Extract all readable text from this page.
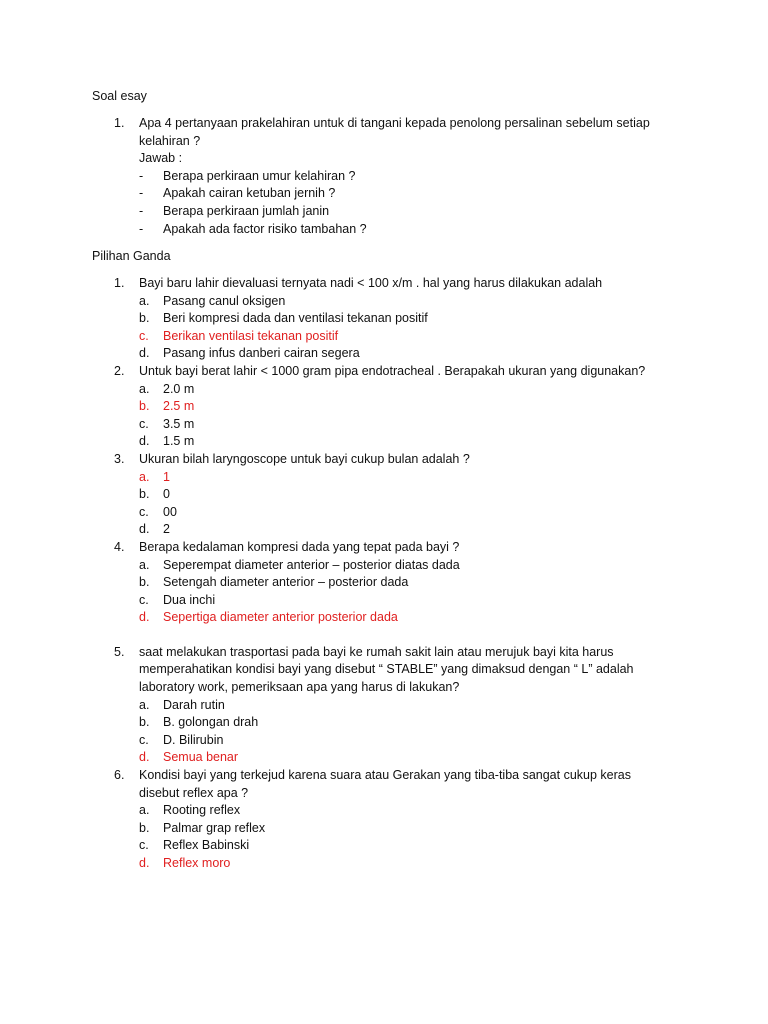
Soal esay
1. Apa 4 pertanyaan prakelahiran untuk di tangani kepada penolong persalinan sebelum setiap kelahiran ?
Jawab :
- Berapa perkiraan umur kelahiran ?
- Apakah cairan ketuban jernih ?
- Berapa perkiraan jumlah janin
- Apakah ada factor risiko tambahan ?
Pilihan Ganda
1. Bayi baru lahir dievaluasi ternyata nadi < 100 x/m . hal yang harus dilakukan adalah
a. Pasang canul oksigen
b. Beri kompresi dada dan ventilasi tekanan positif
c. Berikan ventilasi tekanan positif
d. Pasang infus danberi cairan segera
2. Untuk bayi berat lahir < 1000 gram pipa endotracheal . Berapakah ukuran yang digunakan?
a. 2.0 m
b. 2.5 m
c. 3.5 m
d. 1.5 m
3. Ukuran bilah laryngoscope untuk bayi cukup bulan adalah ?
a. 1
b. 0
c. 00
d. 2
4. Berapa kedalaman kompresi dada yang tepat pada bayi ?
a. Seperempat diameter anterior – posterior diatas dada
b. Setengah diameter anterior – posterior dada
c. Dua inchi
d. Sepertiga diameter anterior posterior dada
5. saat melakukan trasportasi pada bayi ke rumah sakit lain atau merujuk bayi kita harus memperahatikan kondisi bayi yang disebut “ STABLE” yang dimaksud dengan “ L” adalah laboratory work, pemeriksaan apa yang harus di lakukan?
a. Darah rutin
b. B. golongan drah
c. D. Bilirubin
d. Semua benar
6. Kondisi bayi yang terkejud karena suara atau Gerakan yang tiba-tiba sangat cukup keras disebut reflex apa ?
a. Rooting reflex
b. Palmar grap reflex
c. Reflex Babinski
d. Reflex moro
